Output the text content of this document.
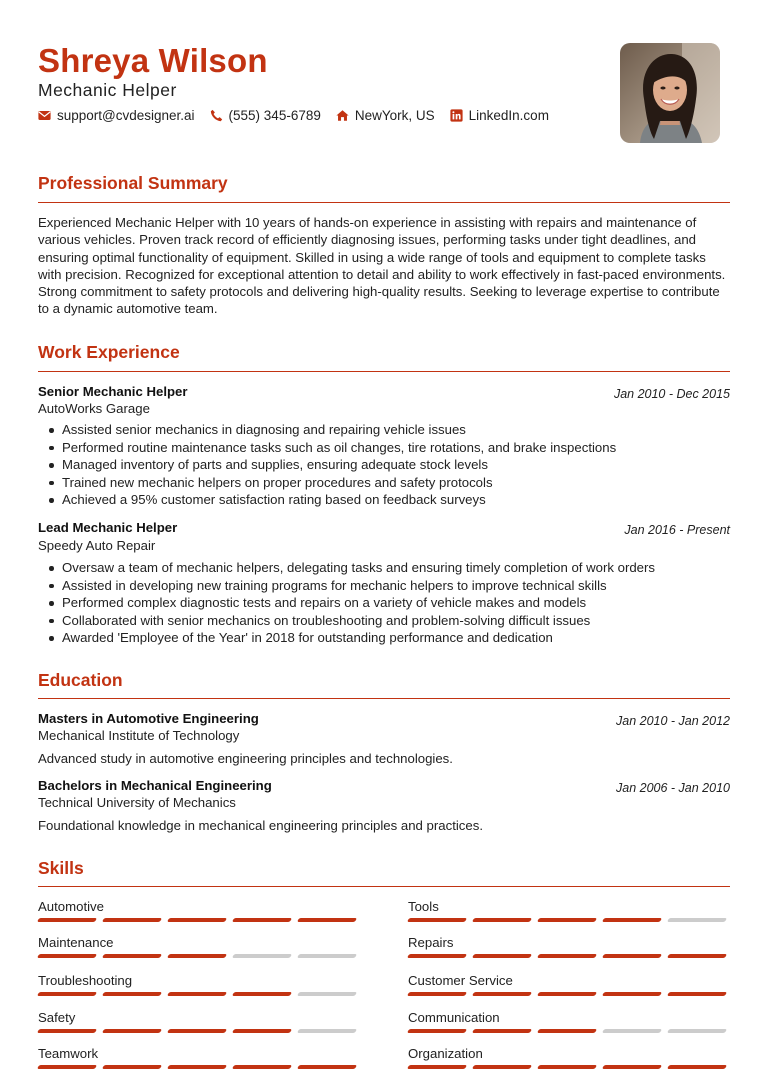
Shreya Wilson
Mechanic Helper
support@cvdesigner.ai	(555) 345-6789	NewYork, US	LinkedIn.com
Professional Summary
Experienced Mechanic Helper with 10 years of hands-on experience in assisting with repairs and maintenance of various vehicles. Proven track record of efficiently diagnosing issues, performing tasks under tight deadlines, and ensuring optimal functionality of equipment. Skilled in using a wide range of tools and equipment to complete tasks with precision. Recognized for exceptional attention to detail and ability to work effectively in fast-paced environments. Strong commitment to safety protocols and delivering high-quality results. Seeking to leverage expertise to contribute to a dynamic automotive team.
Work Experience
Senior Mechanic Helper	Jan 2010 - Dec 2015
AutoWorks Garage
Assisted senior mechanics in diagnosing and repairing vehicle issues
Performed routine maintenance tasks such as oil changes, tire rotations, and brake inspections
Managed inventory of parts and supplies, ensuring adequate stock levels
Trained new mechanic helpers on proper procedures and safety protocols
Achieved a 95% customer satisfaction rating based on feedback surveys
Lead Mechanic Helper	Jan 2016 - Present
Speedy Auto Repair
Oversaw a team of mechanic helpers, delegating tasks and ensuring timely completion of work orders
Assisted in developing new training programs for mechanic helpers to improve technical skills
Performed complex diagnostic tests and repairs on a variety of vehicle makes and models
Collaborated with senior mechanics on troubleshooting and problem-solving difficult issues
Awarded 'Employee of the Year' in 2018 for outstanding performance and dedication
Education
Masters in Automotive Engineering	Jan 2010 - Jan 2012
Mechanical Institute of Technology
Advanced study in automotive engineering principles and technologies.
Bachelors in Mechanical Engineering	Jan 2006 - Jan 2010
Technical University of Mechanics
Foundational knowledge in mechanical engineering principles and practices.
Skills
Automotive	Tools
Maintenance	Repairs
Troubleshooting	Customer Service
Safety	Communication
Teamwork	Organization
